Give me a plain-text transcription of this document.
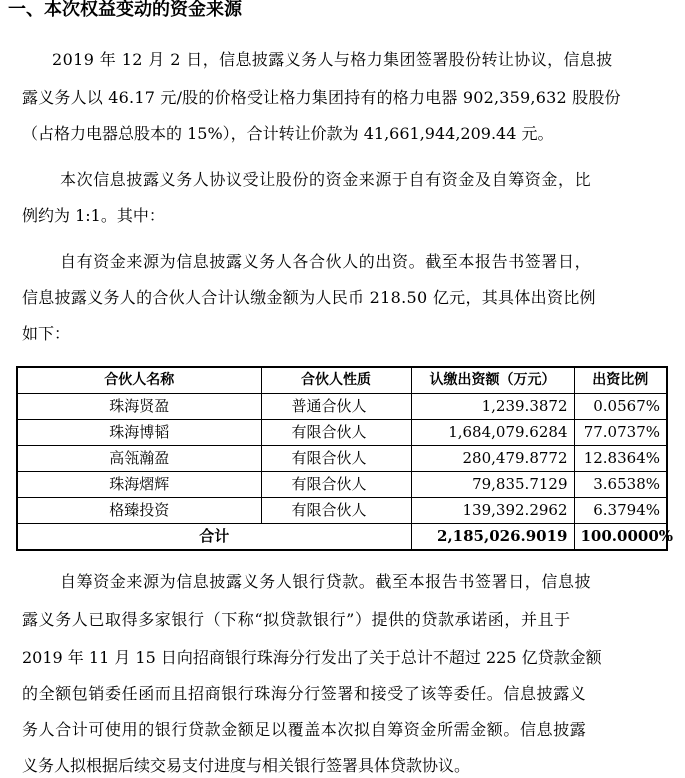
一、本次权益变动的资金来源
2019 年 12 月 2 日，信息披露义务人与格力集团签署股份转让协议，信息披
露义务人以 46.17 元/股的价格受让格力集团持有的格力电器 902,359,632 股股份
（占格力电器总股本的 15%），合计转让价款为 41,661,944,209.44 元。
本次信息披露义务人协议受让股份的资金来源于自有资金及自筹资金，比
例约为 1:1。其中：
自有资金来源为信息披露义务人各合伙人的出资。截至本报告书签署日，
信息披露义务人的合伙人合计认缴金额为人民币 218.50 亿元，其具体出资比例
如下：
合伙人名称	合伙人性质	认缴出资额（万元）	出资比例
珠海贤盈	普通合伙人	1,239.3872	0.0567%
珠海博韬	有限合伙人	1,684,079.6284	77.0737%
高瓴瀚盈	有限合伙人	280,479.8772	12.8364%
珠海熠辉	有限合伙人	79,835.7129	3.6538%
格臻投资	有限合伙人	139,392.2962	6.3794%
合计		2,185,026.9019	100.0000%
自筹资金来源为信息披露义务人银行贷款。截至本报告书签署日，信息披
露义务人已取得多家银行（下称“拟贷款银行”）提供的贷款承诺函，并且于
2019 年 11 月 15 日向招商银行珠海分行发出了关于总计不超过 225 亿贷款金额
的全额包销委任函而且招商银行珠海分行签署和接受了该等委任。信息披露义
务人合计可使用的银行贷款金额足以覆盖本次拟自筹资金所需金额。信息披露
义务人拟根据后续交易支付进度与相关银行签署具体贷款协议。
